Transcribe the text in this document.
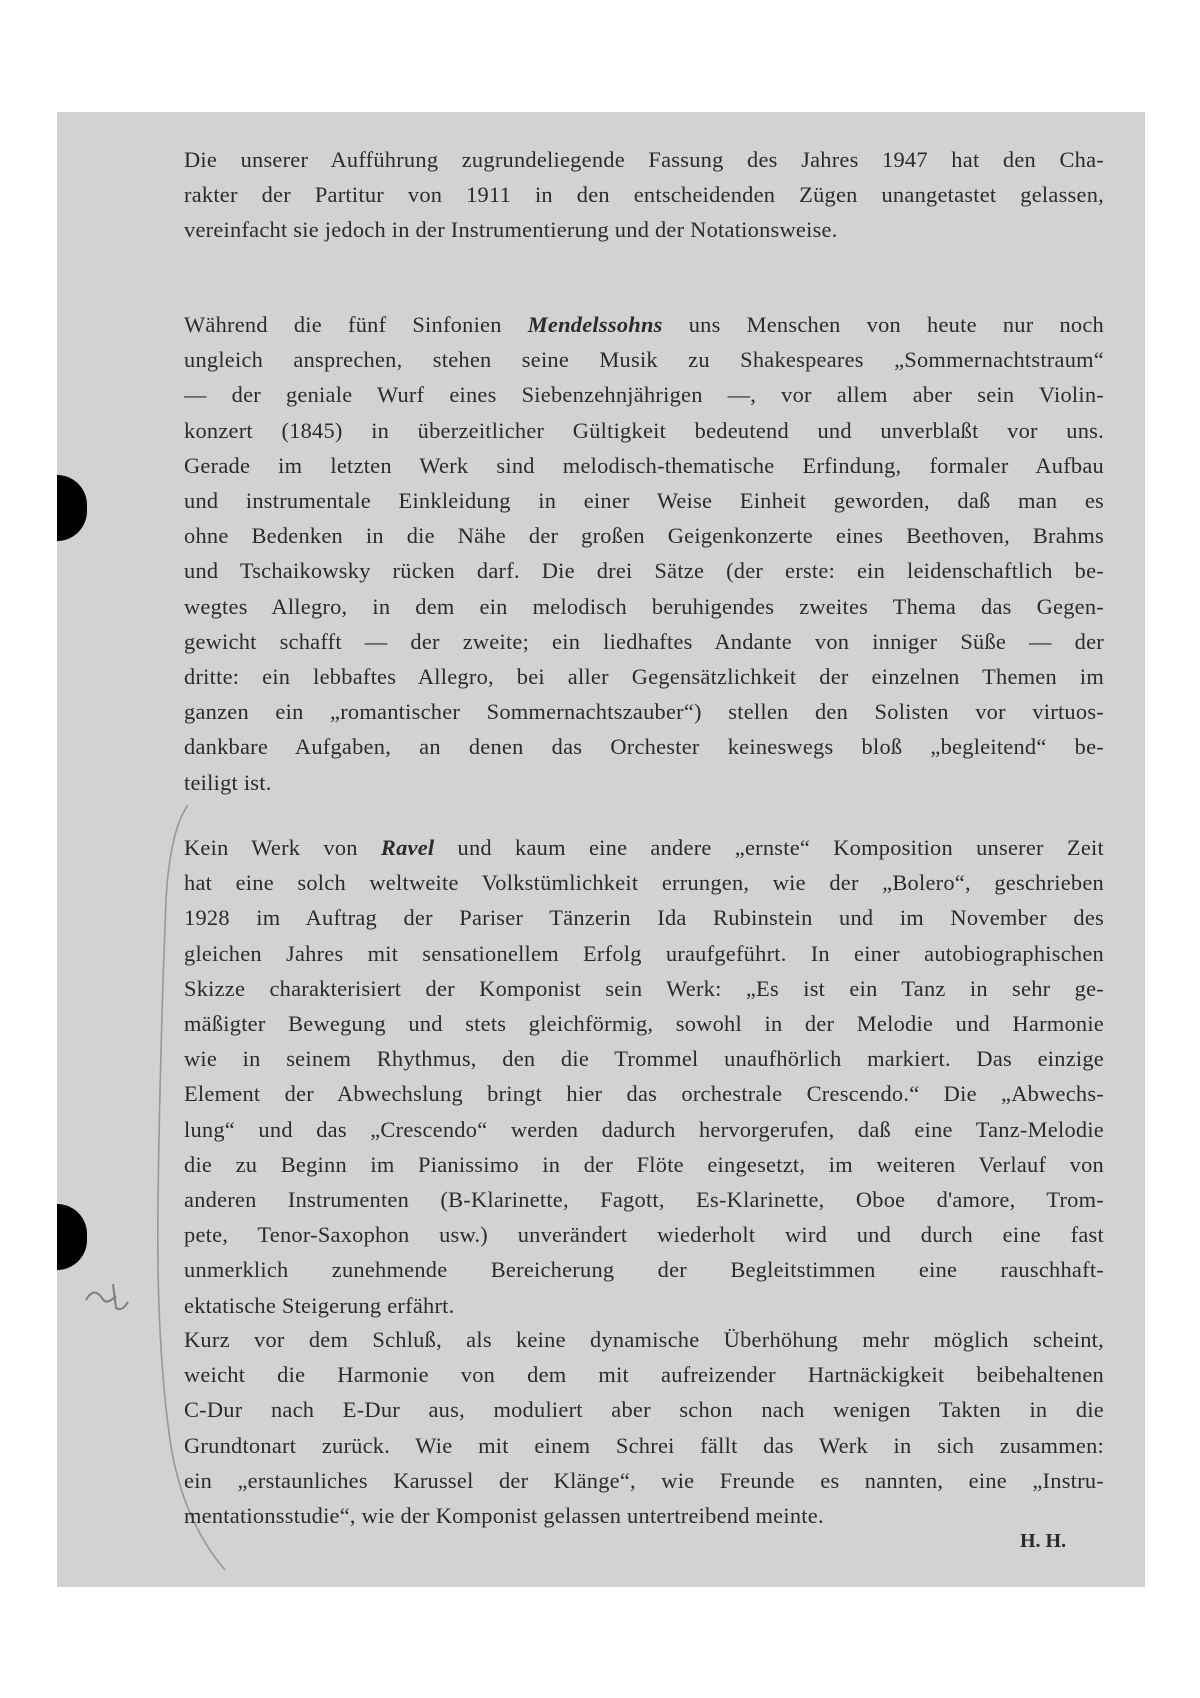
Die unserer Aufführung zugrundeliegende Fassung des Jahres 1947 hat den Cha-
rakter der Partitur von 1911 in den entscheidenden Zügen unangetastet gelassen,
vereinfacht sie jedoch in der Instrumentierung und der Notationsweise.

Während die fünf Sinfonien Mendelssohns uns Menschen von heute nur noch
ungleich ansprechen, stehen seine Musik zu Shakespeares „Sommernachtstraum“
— der geniale Wurf eines Siebenzehnjährigen —, vor allem aber sein Violin-
konzert (1845) in überzeitlicher Gültigkeit bedeutend und unverblaßt vor uns.
Gerade im letzten Werk sind melodisch-thematische Erfindung, formaler Aufbau
und instrumentale Einkleidung in einer Weise Einheit geworden, daß man es
ohne Bedenken in die Nähe der großen Geigenkonzerte eines Beethoven, Brahms
und Tschaikowsky rücken darf. Die drei Sätze (der erste: ein leidenschaftlich be-
wegtes Allegro, in dem ein melodisch beruhigendes zweites Thema das Gegen-
gewicht schafft — der zweite; ein liedhaftes Andante von inniger Süße — der
dritte: ein lebbaftes Allegro, bei aller Gegensätzlichkeit der einzelnen Themen im
ganzen ein „romantischer Sommernachtszauber“) stellen den Solisten vor virtuos-
dankbare Aufgaben, an denen das Orchester keineswegs bloß „begleitend“ be-
teiligt ist.

Kein Werk von Ravel und kaum eine andere „ernste“ Komposition unserer Zeit
hat eine solch weltweite Volkstümlichkeit errungen, wie der „Bolero“, geschrieben
1928 im Auftrag der Pariser Tänzerin Ida Rubinstein und im November des
gleichen Jahres mit sensationellem Erfolg uraufgeführt. In einer autobiographischen
Skizze charakterisiert der Komponist sein Werk: „Es ist ein Tanz in sehr ge-
mäßigter Bewegung und stets gleichförmig, sowohl in der Melodie und Harmonie
wie in seinem Rhythmus, den die Trommel unaufhörlich markiert. Das einzige
Element der Abwechslung bringt hier das orchestrale Crescendo.“ Die „Abwechs-
lung“ und das „Crescendo“ werden dadurch hervorgerufen, daß eine Tanz-Melodie
die zu Beginn im Pianissimo in der Flöte eingesetzt, im weiteren Verlauf von
anderen Instrumenten (B-Klarinette, Fagott, Es-Klarinette, Oboe d'amore, Trom-
pete, Tenor-Saxophon usw.) unverändert wiederholt wird und durch eine fast
unmerklich zunehmende Bereicherung der Begleitstimmen eine rauschhaft-
ektatische Steigerung erfährt.

Kurz vor dem Schluß, als keine dynamische Überhöhung mehr möglich scheint,
weicht die Harmonie von dem mit aufreizender Hartnäckigkeit beibehaltenen
C-Dur nach E-Dur aus, moduliert aber schon nach wenigen Takten in die
Grundtonart zurück. Wie mit einem Schrei fällt das Werk in sich zusammen:
ein „erstaunliches Karussel der Klänge“, wie Freunde es nannten, eine „Instru-
mentationsstudie“, wie der Komponist gelassen untertreibend meinte.

H. H.
